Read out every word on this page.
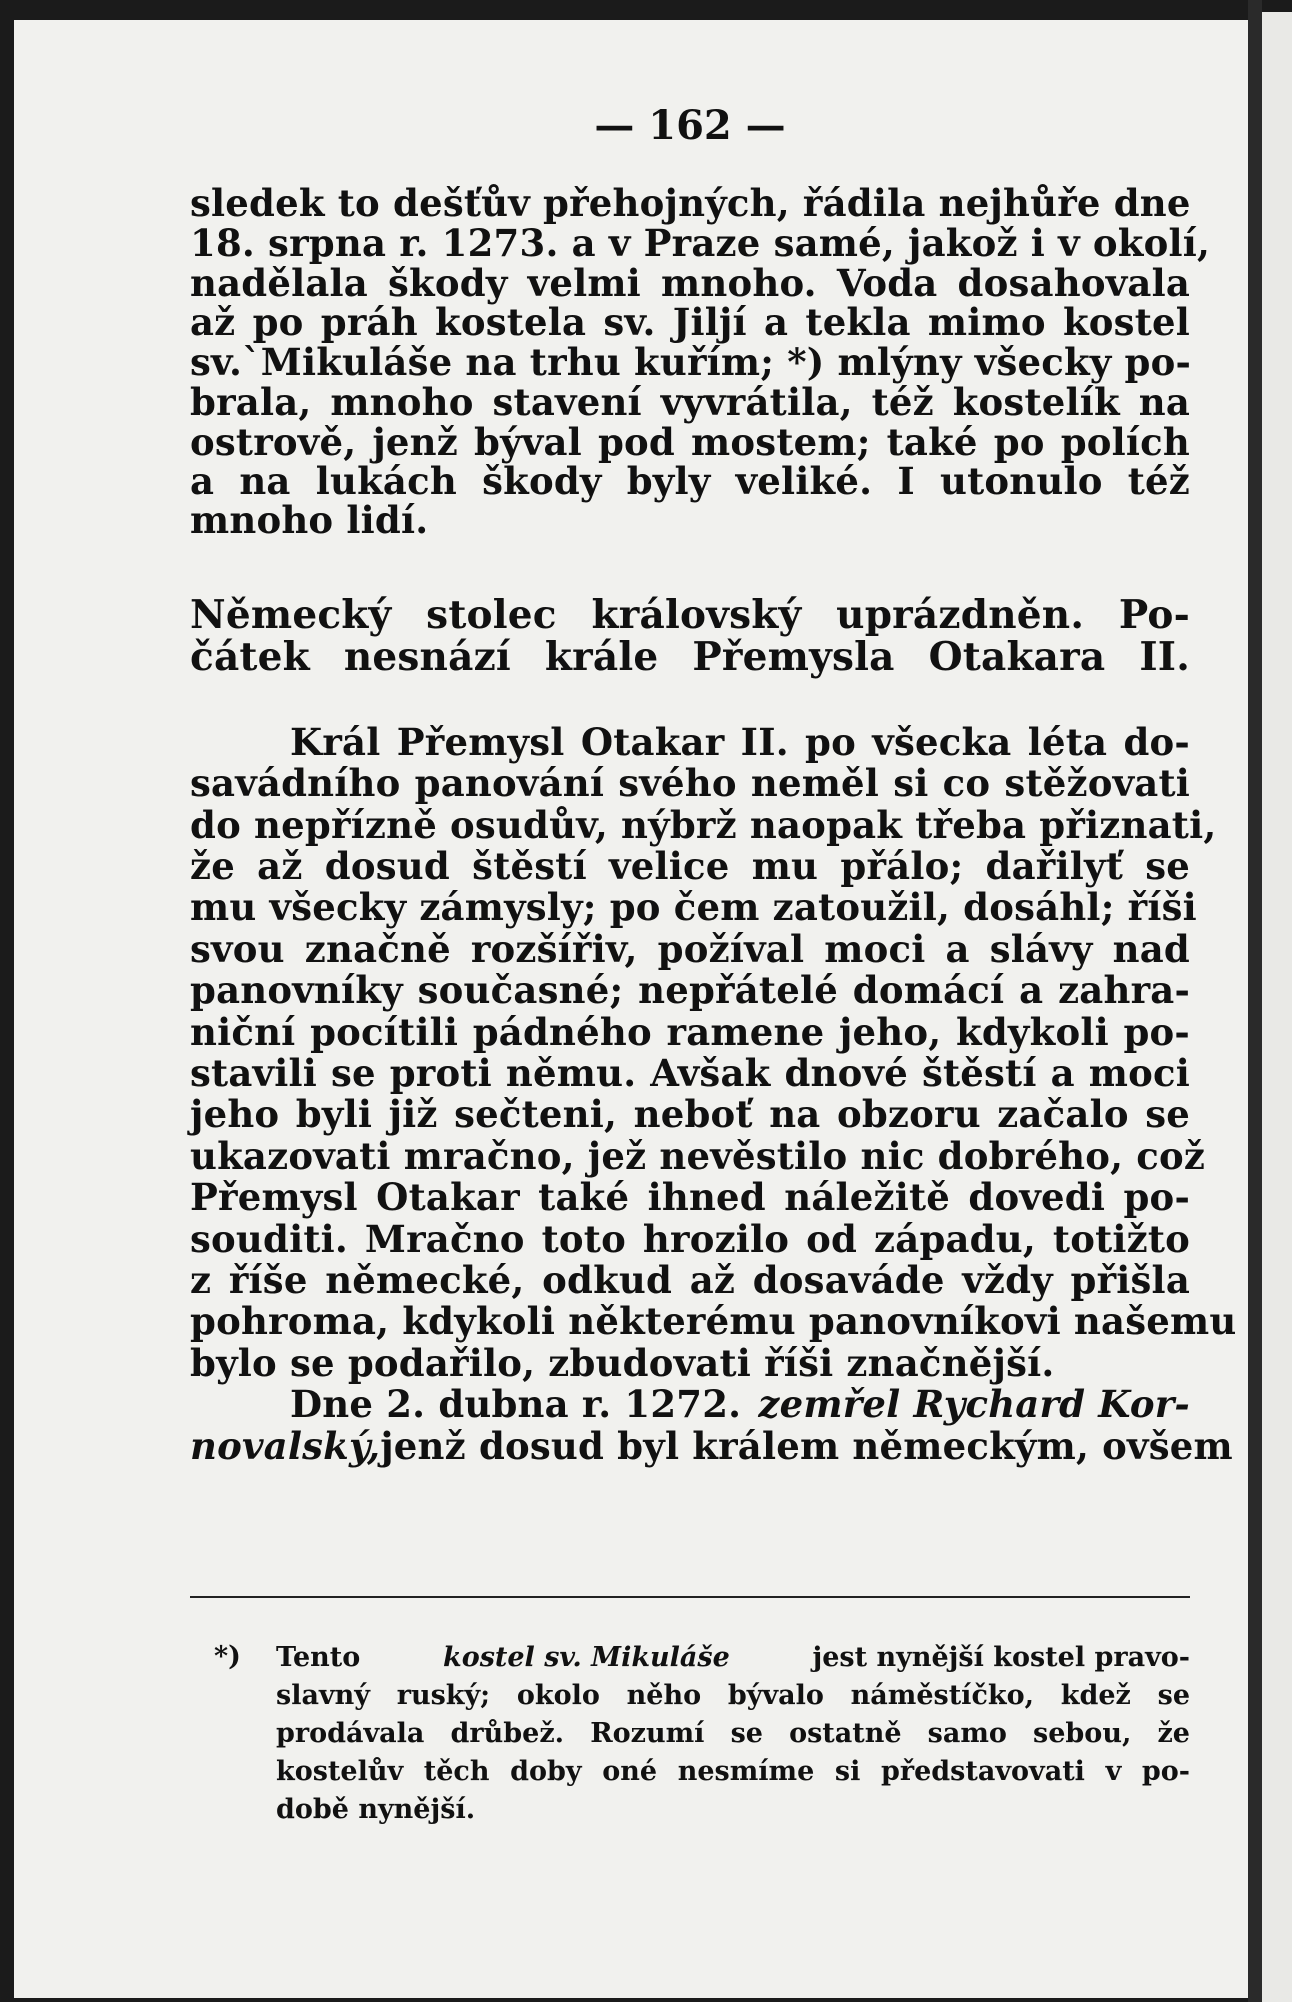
— 162 —
sledek to dešťův přehojných, řádila nejhůře dne
18. srpna r. 1273. a v Praze samé, jakož i v okolí,
nadělala škody velmi mnoho. Voda dosahovala
až po práh kostela sv. Jiljí a tekla mimo kostel
sv.`Mikuláše na trhu kuřím; *) mlýny všecky po-
brala, mnoho stavení vyvrátila, též kostelík na
ostrově, jenž býval pod mostem; také po polích
a na lukách škody byly veliké. I utonulo též
mnoho lidí.
Německý stolec královský uprázdněn. Po-
čátek nesnází krále Přemysla Otakara II.
Král Přemysl Otakar II. po všecka léta do-
savádního panování svého neměl si co stěžovati
do nepřízně osudův, nýbrž naopak třeba přiznati,
že až dosud štěstí velice mu přálo; dařilyť se
mu všecky zámysly; po čem zatoužil, dosáhl; říši
svou značně rozšířiv, požíval moci a slávy nad
panovníky současné; nepřátelé domácí a zahra-
niční pocítili pádného ramene jeho, kdykoli po-
stavili se proti němu. Avšak dnové štěstí a moci
jeho byli již sečteni, neboť na obzoru začalo se
ukazovati mračno, jež nevěstilo nic dobrého, což
Přemysl Otakar také ihned náležitě dovedi po-
souditi. Mračno toto hrozilo od západu, totižto
z říše německé, odkud až dosaváde vždy přišla
pohroma, kdykoli některému panovníkovi našemu
bylo se podařilo, zbudovati říši značnější.
Dne 2. dubna r. 1272. zemřel Rychard Kor-
novalský, jenž dosud byl králem německým, ovšem
*) Tento	kostel sv. Mikuláše	jest nynější kostel pravo-
slavný ruský; okolo něho bývalo náměstíčko, kdež se
prodávala drůbež. Rozumí se ostatně samo sebou, že
kostelův těch doby oné nesmíme si představovati v po-
době nynější.
